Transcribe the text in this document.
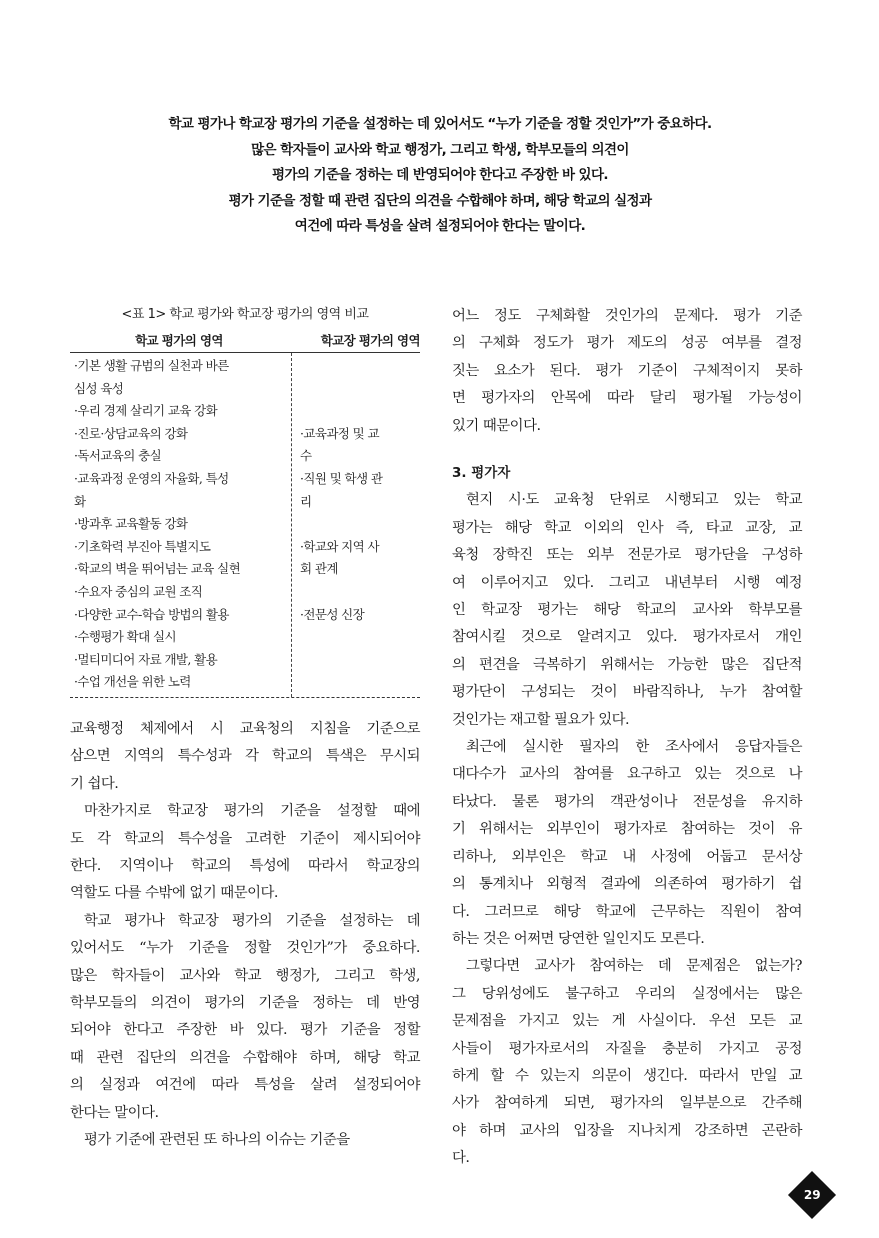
학교 평가나 학교장 평가의 기준을 설정하는 데 있어서도 “누가 기준을 정할 것인가”가 중요하다.
많은 학자들이 교사와 학교 행정가, 그리고 학생, 학부모들의 의견이
평가의 기준을 정하는 데 반영되어야 한다고 주장한 바 있다.
평가 기준을 정할 때 관련 집단의 의견을 수합해야 하며, 해당 학교의 실정과
여건에 따라 특성을 살려 설정되어야 한다는 말이다.
<표 1> 학교 평가와 학교장 평가의 영역 비교
학교 평가의 영역	학교장 평가의 영역
·기본 생활 규범의 실천과 바른
심성 육성
·우리 경제 살리기 교육 강화
·진로·상담교육의 강화
·독서교육의 충실
·교육과정 운영의 자율화, 특성
화
·방과후 교육활동 강화
·기초학력 부진아 특별지도
·학교의 벽을 뛰어넘는 교육 실현
·수요자 중심의 교원 조직
·다양한 교수-학습 방법의 활용
·수행평가 확대 실시
·멀티미디어 자료 개발, 활용
·수업 개선을 위한 노력
·교육과정 및 교
수
·직원 및 학생 관
리
·학교와 지역 사
회 관계
·전문성 신장
교육행정 체제에서 시 교육청의 지침을 기준으로
삼으면 지역의 특수성과 각 학교의 특색은 무시되
기 쉽다.
마찬가지로 학교장 평가의 기준을 설정할 때에
도 각 학교의 특수성을 고려한 기준이 제시되어야
한다. 지역이나 학교의 특성에 따라서 학교장의
역할도 다를 수밖에 없기 때문이다.
학교 평가나 학교장 평가의 기준을 설정하는 데
있어서도 “누가 기준을 정할 것인가”가 중요하다.
많은 학자들이 교사와 학교 행정가, 그리고 학생,
학부모들의 의견이 평가의 기준을 정하는 데 반영
되어야 한다고 주장한 바 있다. 평가 기준을 정할
때 관련 집단의 의견을 수합해야 하며, 해당 학교
의 실정과 여건에 따라 특성을 살려 설정되어야
한다는 말이다.
평가 기준에 관련된 또 하나의 이슈는 기준을
어느 정도 구체화할 것인가의 문제다. 평가 기준
의 구체화 정도가 평가 제도의 성공 여부를 결정
짓는 요소가 된다. 평가 기준이 구체적이지 못하
면 평가자의 안목에 따라 달리 평가될 가능성이
있기 때문이다.
3. 평가자
현지 시·도 교육청 단위로 시행되고 있는 학교
평가는 해당 학교 이외의 인사 즉, 타교 교장, 교
육청 장학진 또는 외부 전문가로 평가단을 구성하
여 이루어지고 있다. 그리고 내년부터 시행 예정
인 학교장 평가는 해당 학교의 교사와 학부모를
참여시킬 것으로 알려지고 있다. 평가자로서 개인
의 편견을 극복하기 위해서는 가능한 많은 집단적
평가단이 구성되는 것이 바람직하나, 누가 참여할
것인가는 재고할 필요가 있다.
최근에 실시한 필자의 한 조사에서 응답자들은
대다수가 교사의 참여를 요구하고 있는 것으로 나
타났다. 물론 평가의 객관성이나 전문성을 유지하
기 위해서는 외부인이 평가자로 참여하는 것이 유
리하나, 외부인은 학교 내 사정에 어둡고 문서상
의 통계치나 외형적 결과에 의존하여 평가하기 쉽
다. 그러므로 해당 학교에 근무하는 직원이 참여
하는 것은 어쩌면 당연한 일인지도 모른다.
그렇다면 교사가 참여하는 데 문제점은 없는가?
그 당위성에도 불구하고 우리의 실정에서는 많은
문제점을 가지고 있는 게 사실이다. 우선 모든 교
사들이 평가자로서의 자질을 충분히 가지고 공정
하게 할 수 있는지 의문이 생긴다. 따라서 만일 교
사가 참여하게 되면, 평가자의 일부분으로 간주해
야 하며 교사의 입장을 지나치게 강조하면 곤란하
다.
29
